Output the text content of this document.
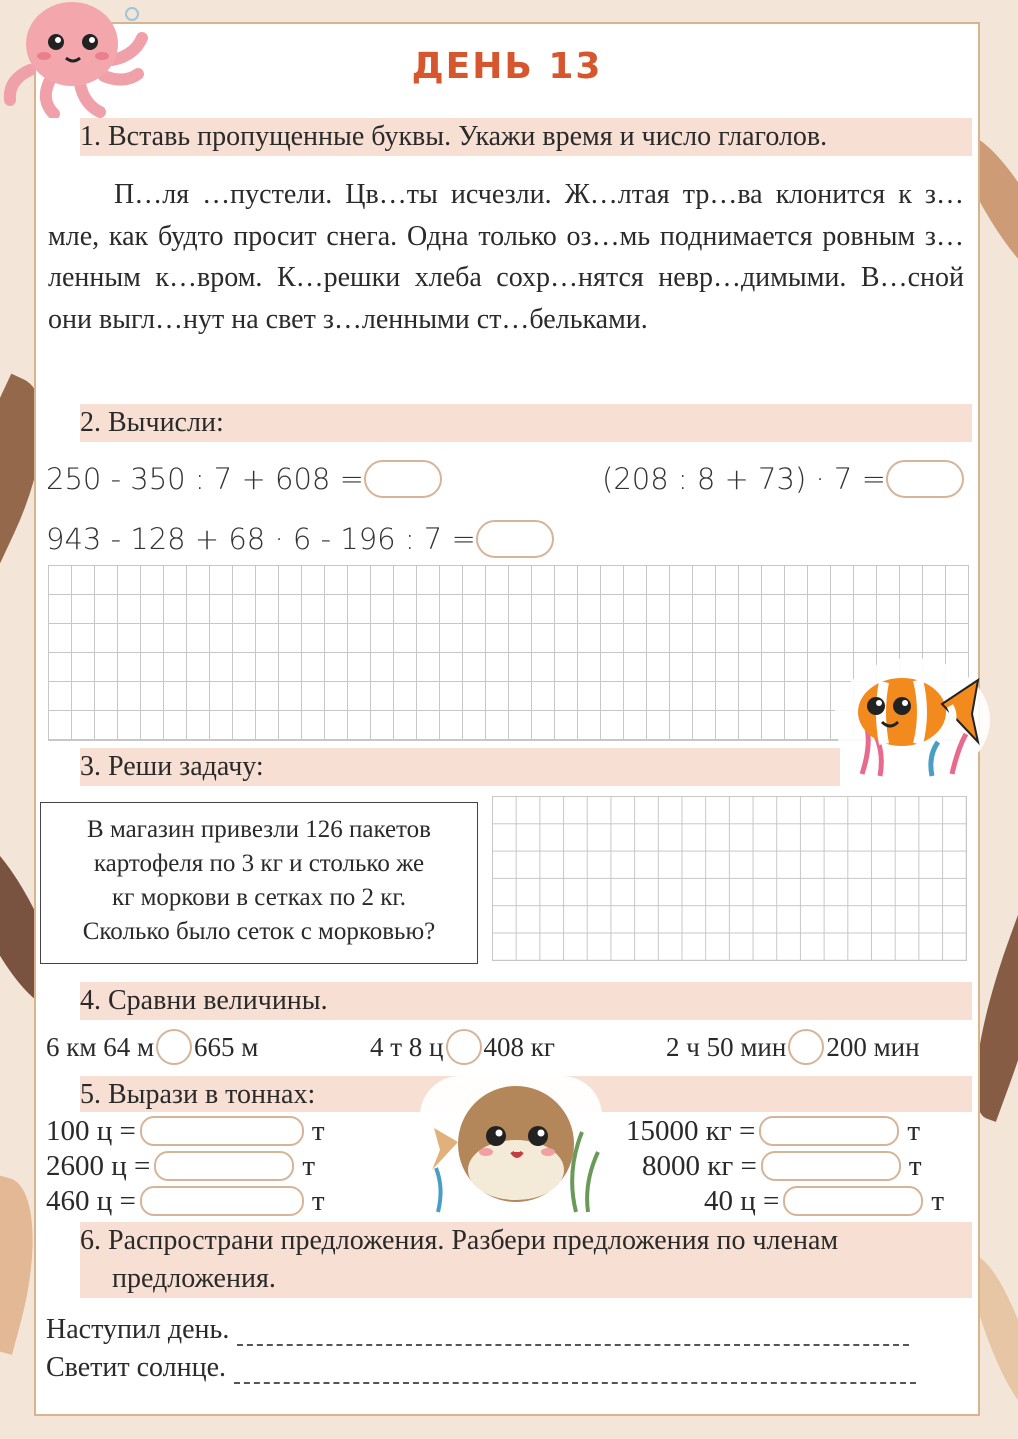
ДЕНЬ 13
1. Вставь пропущенные буквы. Укажи время и число глаголов.
П…ля …пустели. Цв…ты исчезли. Ж…лтая тр…ва клонится к з…мле, как будто просит снега. Одна только оз…мь поднимается ровным з…ленным к…вром. К…решки хлеба сохр…нятся невр…димыми. В…сной они выгл…нут на свет з…ленными ст…бельками.
2. Вычисли:
250 - 350 : 7 + 608 =	(208 : 8 + 73) · 7 =
943 - 128 + 68 · 6 - 196 : 7 =
3. Реши задачу:
В магазин привезли 126 пакетов
картофеля по 3 кг и столько же
кг моркови в сетках по 2 кг.
Сколько было сеток с морковью?
4. Сравни величины.
6 км 64 м 665 м	4 т 8 ц 408 кг	2 ч 50 мин 200 мин
5. Вырази в тоннах:
100 ц =	т
2600 ц =	т
460 ц =	т
15000 кг =	т
8000 кг =	т
40 ц =	т
6. Распространи предложения. Разбери предложения по членам
предложения.
Наступил день.
Светит солнце.
